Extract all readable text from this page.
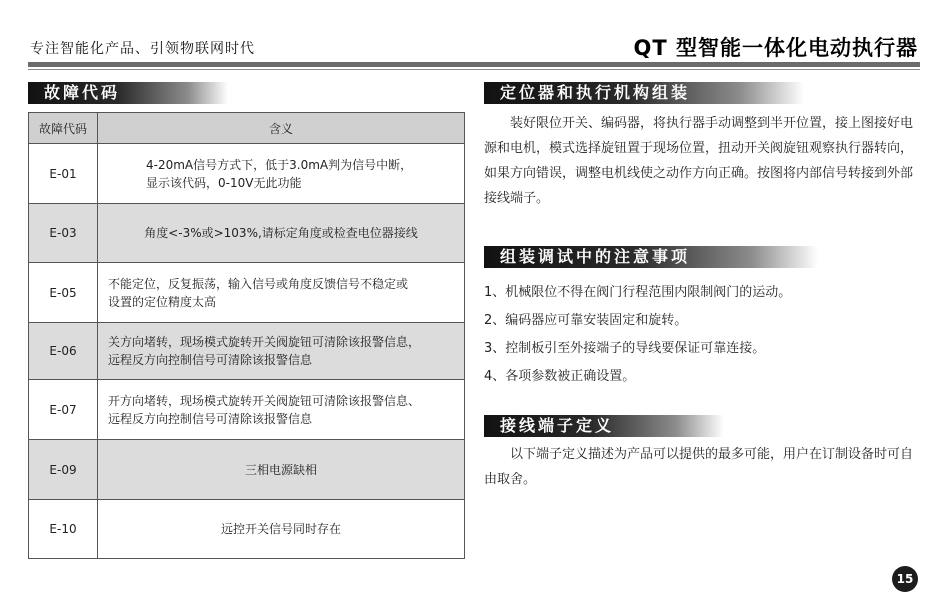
专注智能化产品、引领物联网时代	QT 型智能一体化电动执行器
故障代码
故障代码	含义
E-01	4-20mA信号方式下，低于3.0mA判为信号中断，
显示该代码，0-10V无此功能

E-03	角度<-3%或>103%,请标定角度或检查电位器接线
E-05	不能定位，反复振荡，输入信号或角度反馈信号不稳定或
设置的定位精度太高

E-06	关方向堵转，现场模式旋转开关阀旋钮可清除该报警信息，
远程反方向控制信号可清除该报警信息

E-07	开方向堵转，现场模式旋转开关阀旋钮可清除该报警信息、
远程反方向控制信号可清除该报警信息

E-09	三相电源缺相
E-10	远控开关信号同时存在
定位器和执行机构组装
装好限位开关、编码器，将执行器手动调整到半开位置，接上图接好电源和电机，模式选择旋钮置于现场位置，扭动开关阀旋钮观察执行器转向，如果方向错误，调整电机线使之动作方向正确。按图将内部信号转接到外部接线端子。
组装调试中的注意事项
1、机械限位不得在阀门行程范围内限制阀门的运动。
2、编码器应可靠安装固定和旋转。
3、控制板引至外接端子的导线要保证可靠连接。
4、各项参数被正确设置。
接线端子定义
以下端子定义描述为产品可以提供的最多可能，用户在订制设备时可自由取舍。
15
